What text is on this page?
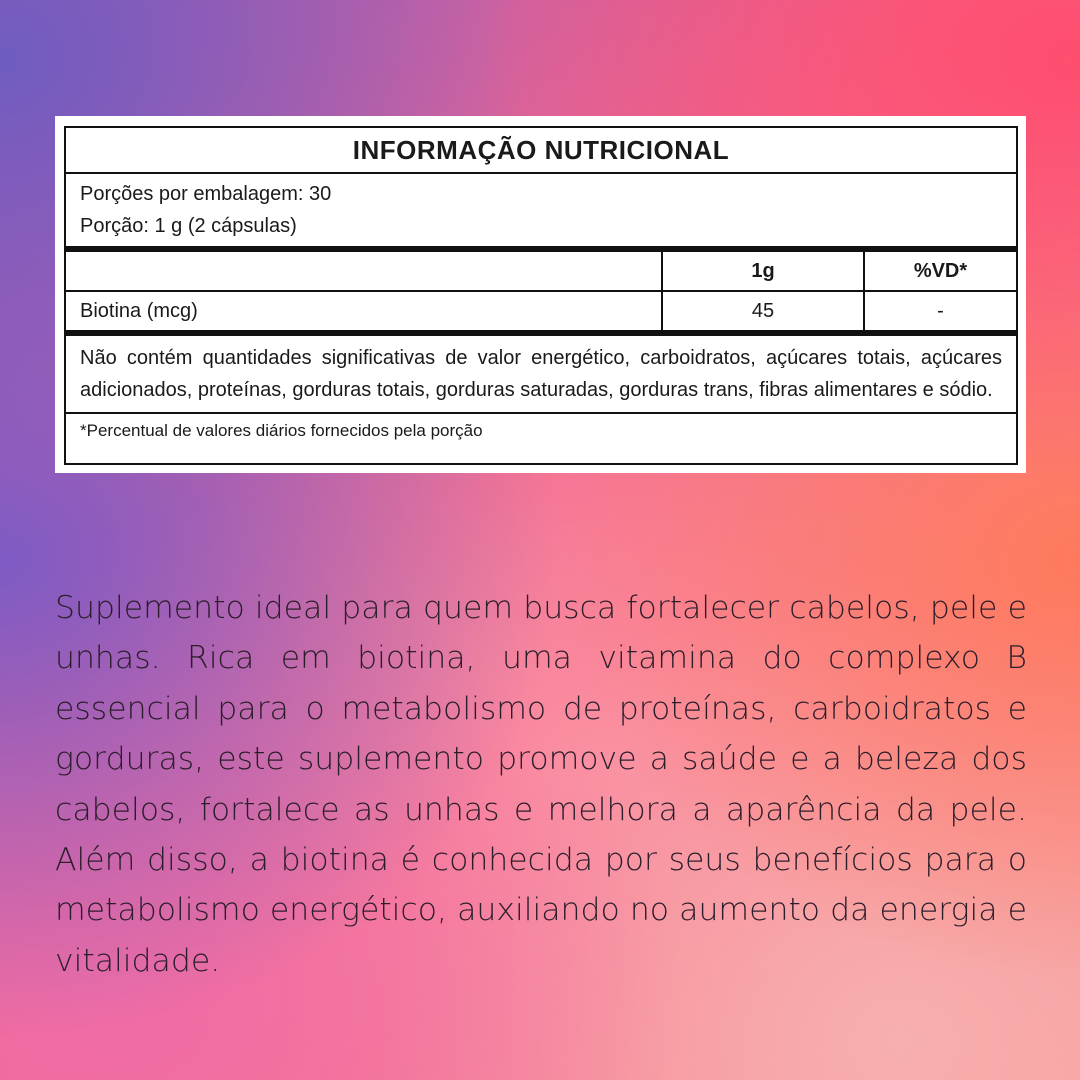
INFORMAÇÃO NUTRICIONAL
Porções por embalagem: 30
Porção: 1 g (2 cápsulas)
	1g	%VD*
Biotina (mcg)	45	-
Não contém quantidades significativas de valor energético, carboidratos, açúcares totais, açúcares adicionados, proteínas, gorduras totais, gorduras saturadas, gorduras trans, fibras alimentares e sódio.
*Percentual de valores diários fornecidos pela porção

Suplemento ideal para quem busca fortalecer cabelos, pele e unhas. Rica em biotina, uma vitamina do complexo B essencial para o metabolismo de proteínas, carboidratos e gorduras, este suplemento promove a saúde e a beleza dos cabelos, fortalece as unhas e melhora a aparência da pele. Além disso, a biotina é conhecida por seus benefícios para o metabolismo energético, auxiliando no aumento da energia e vitalidade.
